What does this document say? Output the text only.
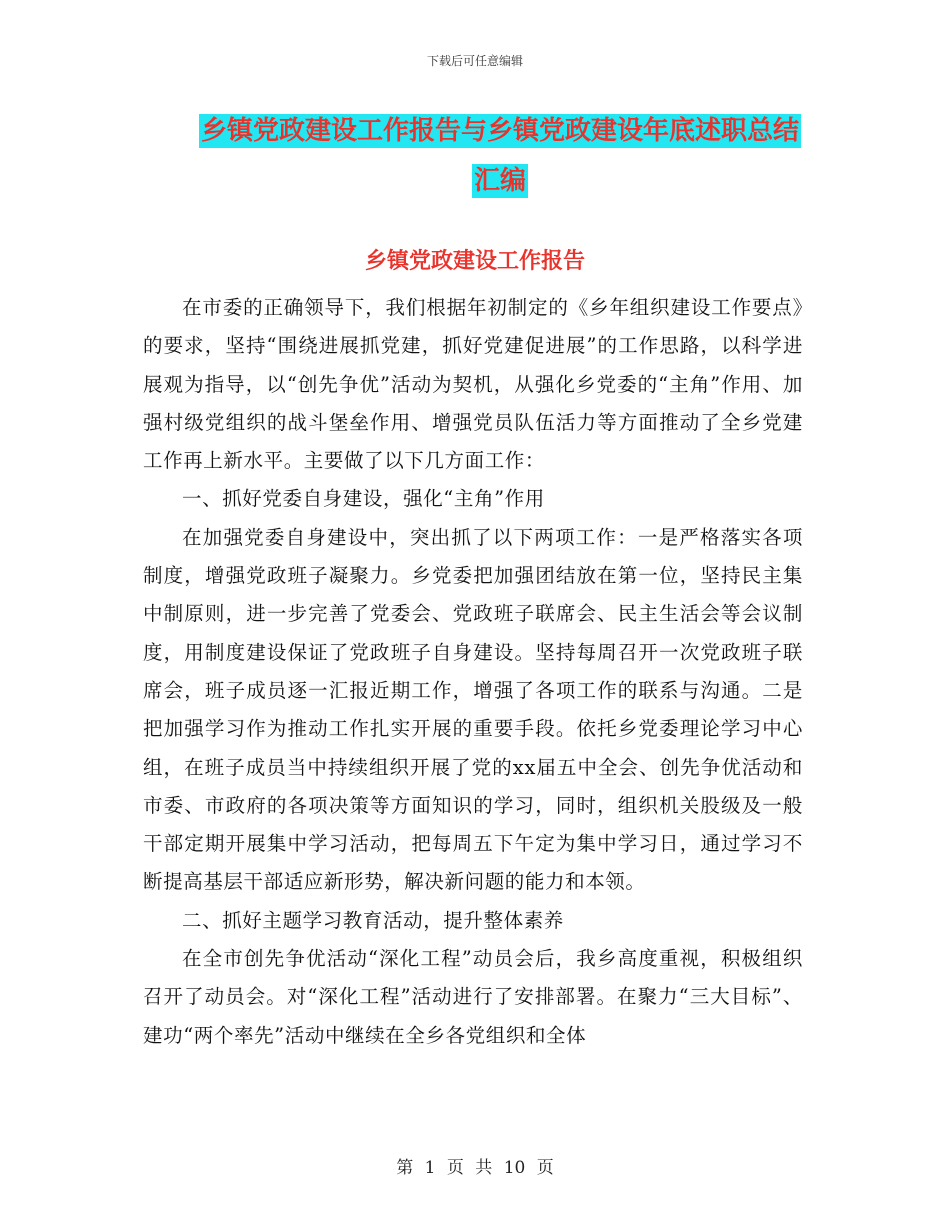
下载后可任意编辑
乡镇党政建设工作报告与乡镇党政建设年底述职总结
汇编
乡镇党政建设工作报告

在市委的正确领导下，我们根据年初制定的《乡年组织建设工作要点》的要求，坚持“围绕进展抓党建，抓好党建促进展”的工作思路，以科学进展观为指导，以“创先争优”活动为契机，从强化乡党委的“主角”作用、加强村级党组织的战斗堡垒作用、增强党员队伍活力等方面推动了全乡党建工作再上新水平。主要做了以下几方面工作：

一、抓好党委自身建设，强化“主角”作用

在加强党委自身建设中，突出抓了以下两项工作：一是严格落实各项制度，增强党政班子凝聚力。乡党委把加强团结放在第一位，坚持民主集中制原则，进一步完善了党委会、党政班子联席会、民主生活会等会议制度，用制度建设保证了党政班子自身建设。坚持每周召开一次党政班子联席会，班子成员逐一汇报近期工作，增强了各项工作的联系与沟通。二是把加强学习作为推动工作扎实开展的重要手段。依托乡党委理论学习中心组，在班子成员当中持续组织开展了党的xx届五中全会、创先争优活动和市委、市政府的各项决策等方面知识的学习，同时，组织机关股级及一般干部定期开展集中学习活动，把每周五下午定为集中学习日，通过学习不断提高基层干部适应新形势，解决新问题的能力和本领。

二、抓好主题学习教育活动，提升整体素养

在全市创先争优活动“深化工程”动员会后，我乡高度重视，积极组织召开了动员会。对“深化工程”活动进行了安排部署。在聚力“三大目标”、建功“两个率先”活动中继续在全乡各党组织和全体

第 1 页 共 10 页
